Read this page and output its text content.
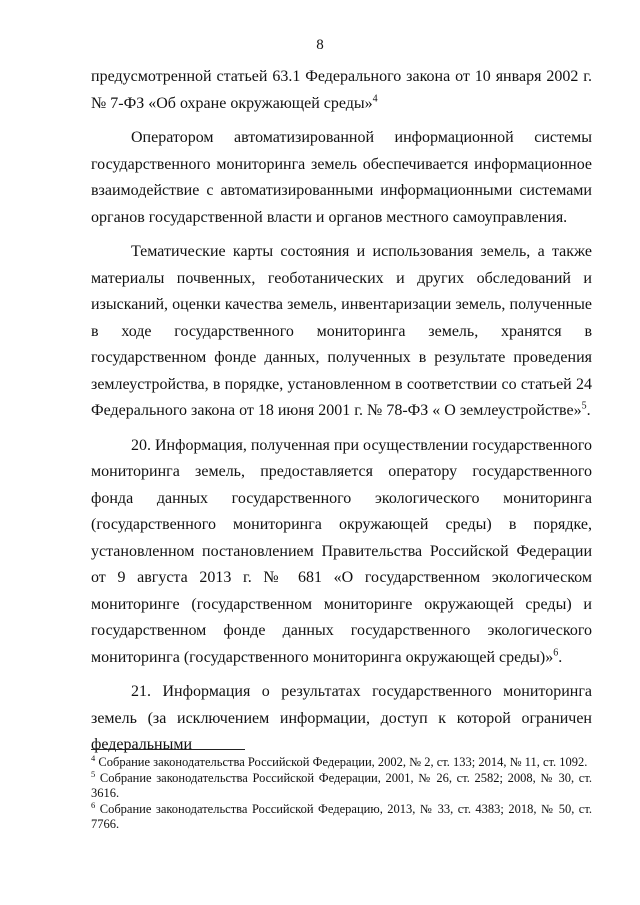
8

предусмотренной статьей 63.1 Федерального закона от 10 января 2002 г. № 7-ФЗ «Об охране окружающей среды»$^4$

Оператором автоматизированной информационной системы государственного мониторинга земель обеспечивается информационное взаимодействие с автоматизированными информационными системами органов государственной власти и органов местного самоуправления.

Тематические карты состояния и использования земель, а также материалы почвенных, геоботанических и других обследований и изысканий, оценки качества земель, инвентаризации земель, полученные в ходе государственного мониторинга земель, хранятся в государственном фонде данных, полученных в результате проведения землеустройства, в порядке, установленном в соответствии со статьей 24 Федерального закона от 18 июня 2001 г. № 78-ФЗ « О землеустройстве»$^5$.

20. Информация, полученная при осуществлении государственного мониторинга земель, предоставляется оператору государственного фонда данных государственного экологического мониторинга (государственного мониторинга окружающей среды) в порядке, установленном постановлением Правительства Российской Федерации от 9 августа 2013 г. № 681 «О государственном экологическом мониторинге (государственном мониторинге окружающей среды) и государственном фонде данных государственного экологического мониторинга (государственного мониторинга окружающей среды)»$^6$.

21. Информация о результатах государственного мониторинга земель (за исключением информации, доступ к которой ограничен федеральными

$^4$ Собрание законодательства Российской Федерации, 2002, № 2, ст. 133; 2014, № 11, ст. 1092.

$^5$ Собрание законодательства Российской Федерации, 2001, № 26, ст. 2582; 2008, № 30, ст. 3616.

$^6$ Собрание законодательства Российской Федерацию, 2013, № 33, ст. 4383; 2018, № 50, ст. 7766.
